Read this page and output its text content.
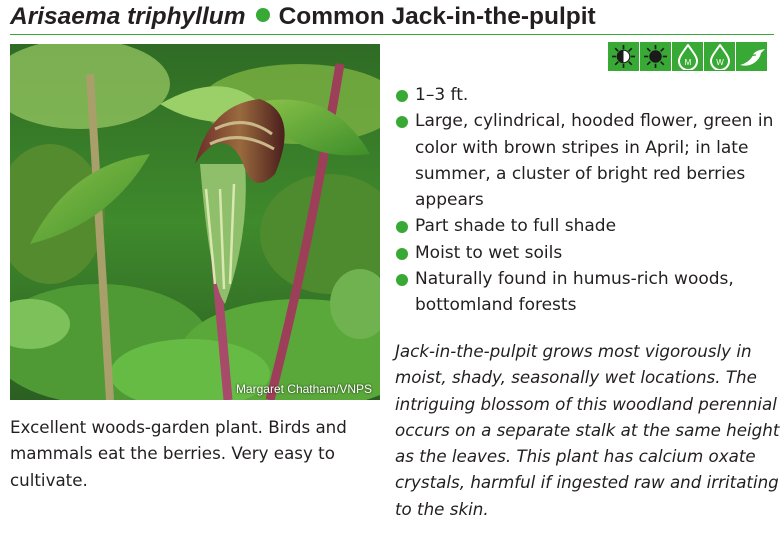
Arisaema triphyllum Common Jack-in-the-pulpit
Margaret Chatham/VNPS
M	W
1–3 ft.
Large, cylindrical, hooded flower, green in color with brown stripes in April; in late summer, a cluster of bright red berries appears
Part shade to full shade
Moist to wet soils
Naturally found in humus-rich woods, bottomland forests

Jack-in-the-pulpit grows most vigorously in moist, shady, seasonally wet locations. The intriguing blossom of this woodland perennial occurs on a separate stalk at the same height as the leaves. This plant has calcium oxate crystals, harmful if ingested raw and irritating to the skin.

Excellent woods-garden plant. Birds and mammals eat the berries. Very easy to cultivate.
